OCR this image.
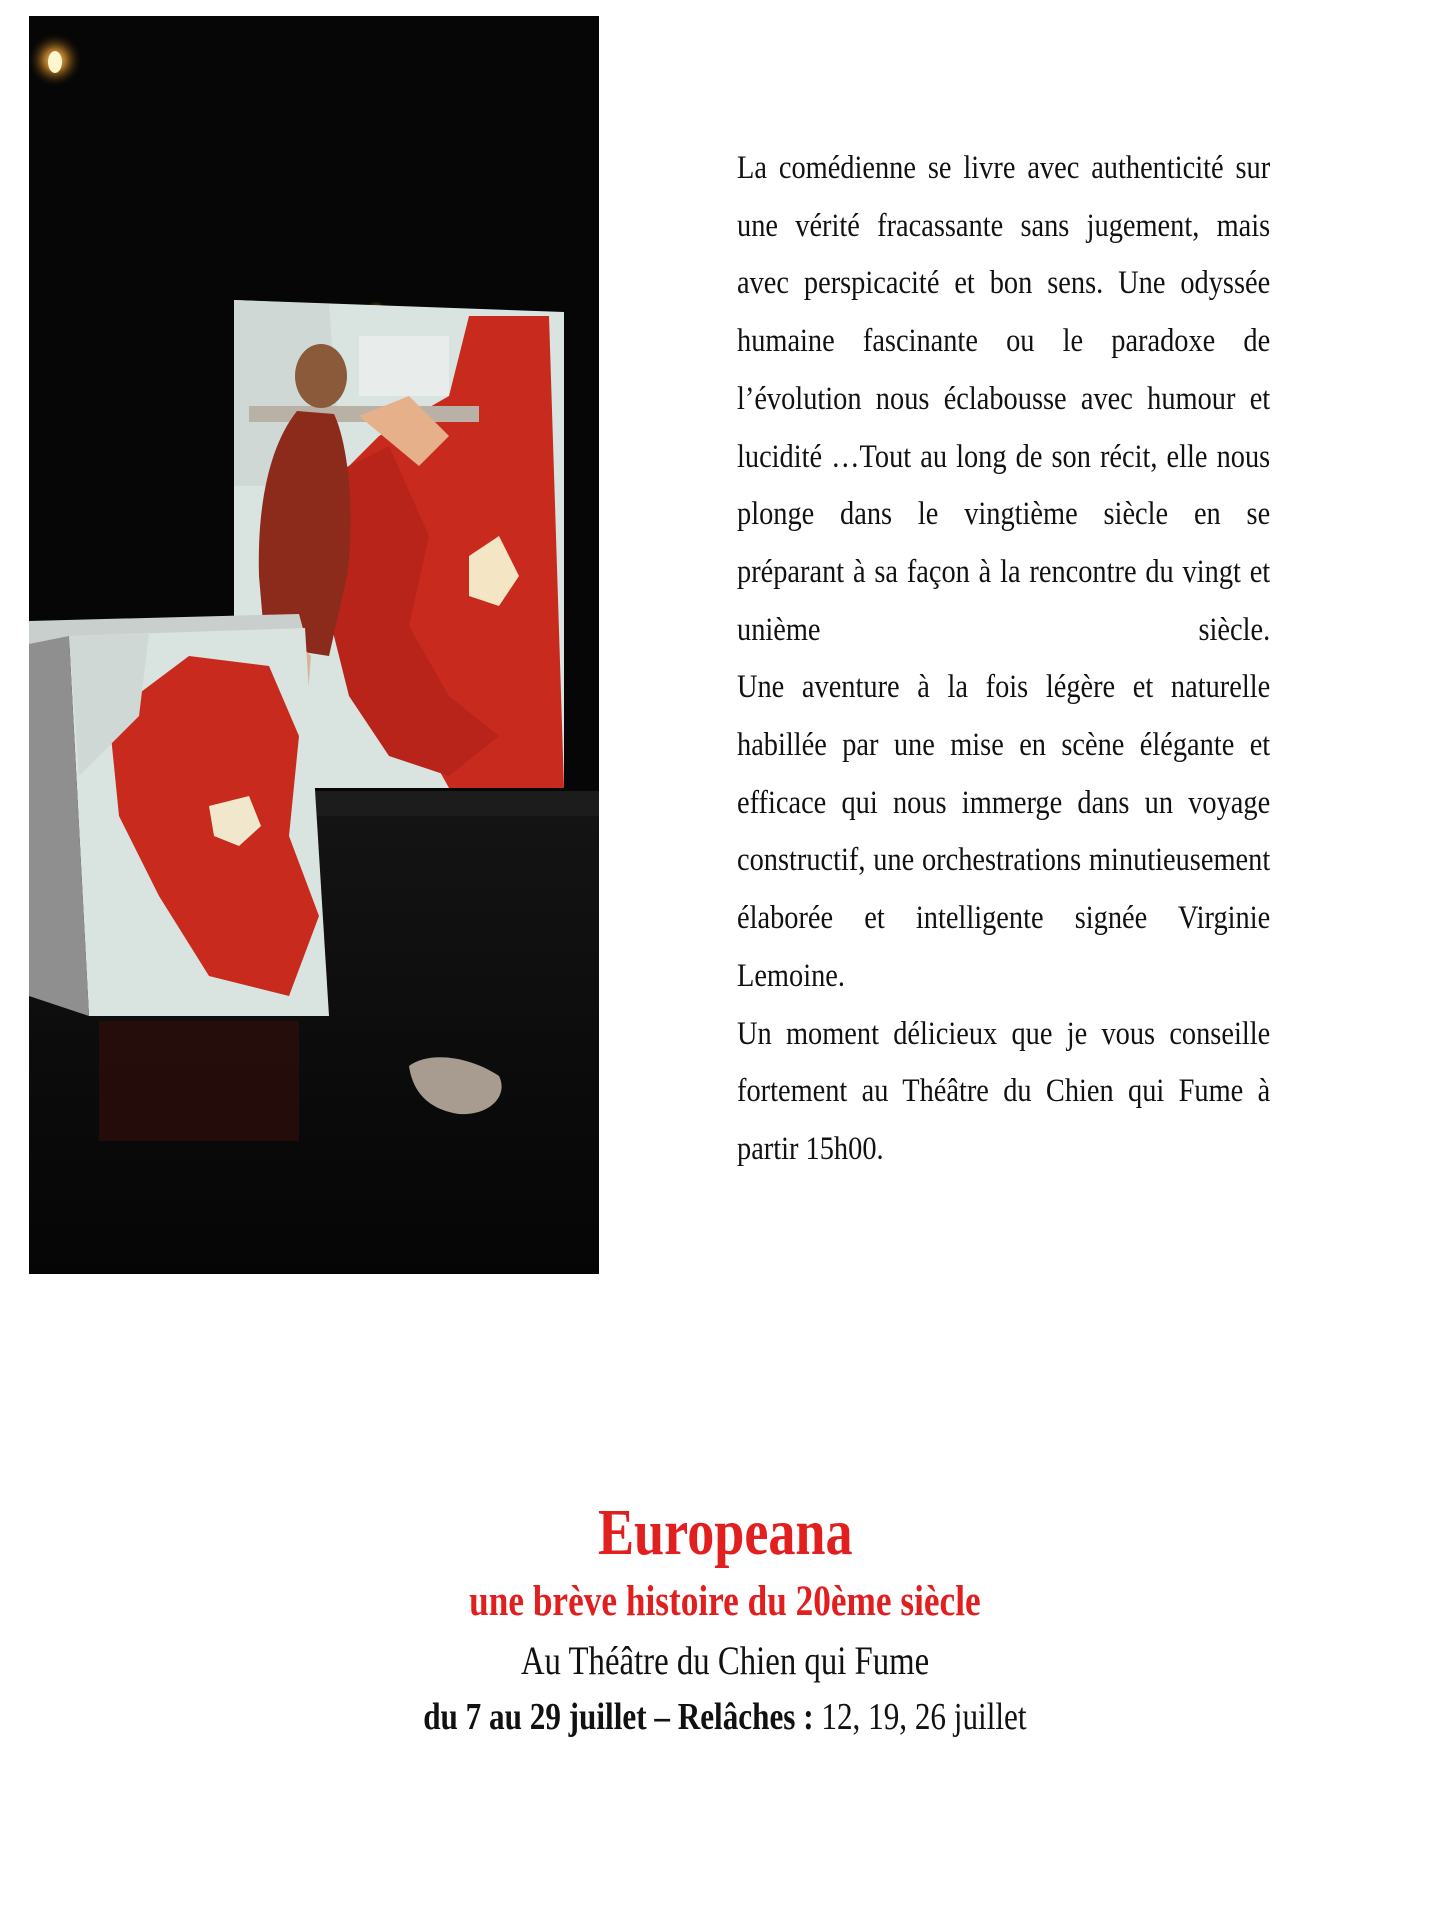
La comédienne se livre avec authenticité sur une vérité fracassante sans jugement, mais avec perspicacité et bon sens. Une odyssée humaine fascinante ou le paradoxe de l’évolution nous éclabousse avec humour et lucidité …Tout au long de son récit, elle nous plonge dans le vingtième siècle en se préparant à sa façon à la rencontre du vingt et unième siècle.

Une aventure à la fois légère et naturelle habillée par une mise en scène élégante et efficace qui nous immerge dans un voyage constructif, une orchestrations minutieusement élaborée et intelligente signée Virginie Lemoine.

Un moment délicieux que je vous conseille fortement au Théâtre du Chien qui Fume à partir 15h00.

Europeana
une brève histoire du 20ème siècle
Au Théâtre du Chien qui Fume
du 7 au 29 juillet – Relâches : 12, 19, 26 juillet
